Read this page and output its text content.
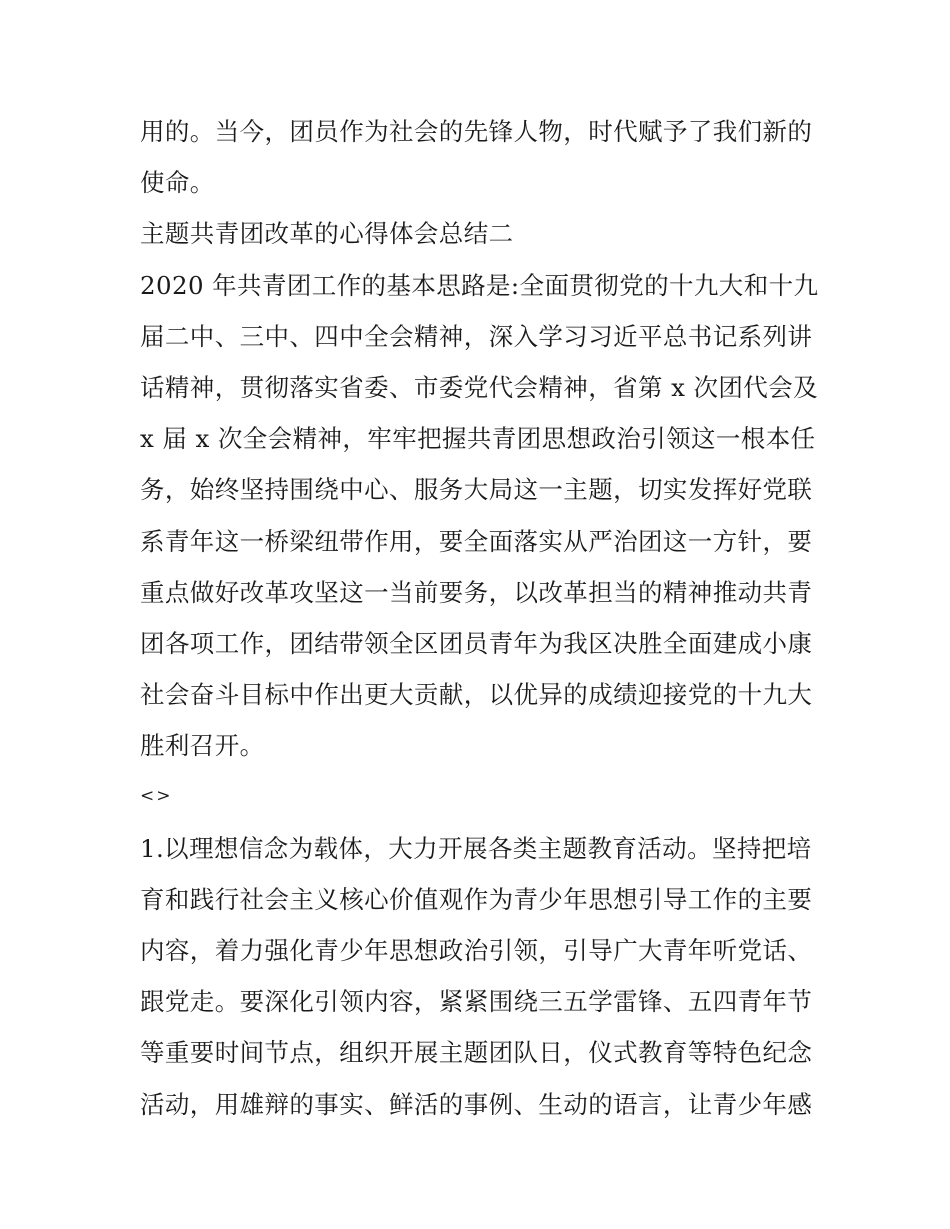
用的。当今，团员作为社会的先锋人物，时代赋予了我们新的
使命。
主题共青团改革的心得体会总结二
2020 年共青团工作的基本思路是:全面贯彻党的十九大和十九
届二中、三中、四中全会精神，深入学习习近平总书记系列讲
话精神，贯彻落实省委、市委党代会精神，省第 x 次团代会及
x 届 x 次全会精神，牢牢把握共青团思想政治引领这一根本任
务，始终坚持围绕中心、服务大局这一主题，切实发挥好党联
系青年这一桥梁纽带作用，要全面落实从严治团这一方针，要
重点做好改革攻坚这一当前要务，以改革担当的精神推动共青
团各项工作，团结带领全区团员青年为我区决胜全面建成小康
社会奋斗目标中作出更大贡献，以优异的成绩迎接党的十九大
胜利召开。
<>
1.以理想信念为载体，大力开展各类主题教育活动。坚持把培
育和践行社会主义核心价值观作为青少年思想引导工作的主要
内容，着力强化青少年思想政治引领，引导广大青年听党话、
跟党走。要深化引领内容，紧紧围绕三五学雷锋、五四青年节
等重要时间节点，组织开展主题团队日，仪式教育等特色纪念
活动，用雄辩的事实、鲜活的事例、生动的语言，让青少年感
